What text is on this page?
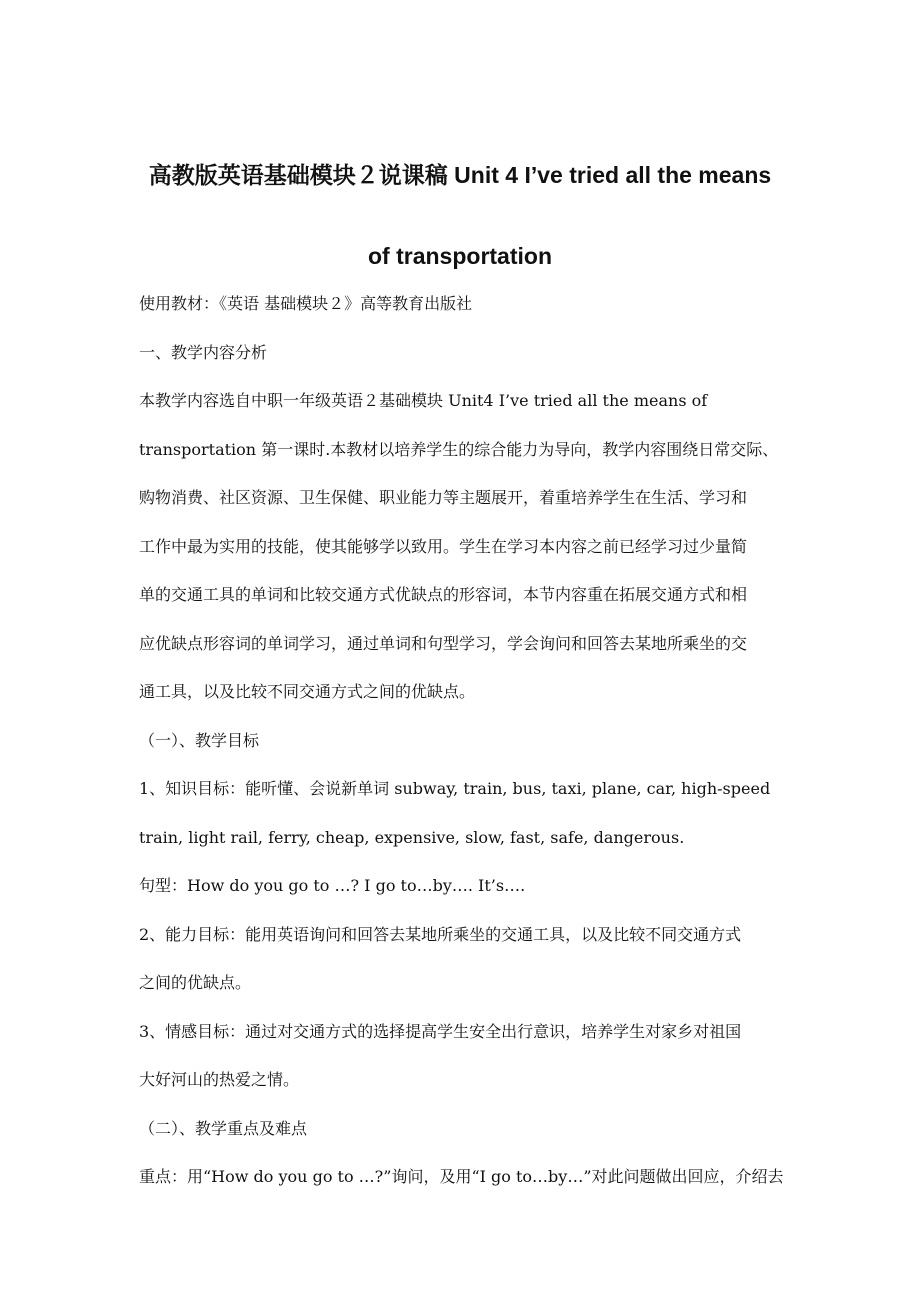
高教版英语基础模块２说课稿 Unit 4 I’ve tried all the means
of transportation

使用教材：《英语 基础模块２》高等教育出版社

一、教学内容分析

本教学内容选自中职一年级英语２基础模块 Unit4 I’ve tried all the means of

transportation 第一课时.本教材以培养学生的综合能力为导向，教学内容围绕日常交际、

购物消费、社区资源、卫生保健、职业能力等主题展开，着重培养学生在生活、学习和

工作中最为实用的技能，使其能够学以致用。学生在学习本内容之前已经学习过少量简

单的交通工具的单词和比较交通方式优缺点的形容词，本节内容重在拓展交通方式和相

应优缺点形容词的单词学习，通过单词和句型学习，学会询问和回答去某地所乘坐的交

通工具，以及比较不同交通方式之间的优缺点。

（一）、教学目标

1、知识目标：能听懂、会说新单词 subway, train, bus, taxi, plane, car, high-speed

train, light rail, ferry, cheap, expensive, slow, fast, safe, dangerous.

句型：How do you go to …? I go to…by…. It’s….

2、能力目标：能用英语询问和回答去某地所乘坐的交通工具，以及比较不同交通方式

之间的优缺点。

3、情感目标：通过对交通方式的选择提高学生安全出行意识，培养学生对家乡对祖国

大好河山的热爱之情。

（二）、教学重点及难点

重点：用“How do you go to …?”询问，及用“I go to…by…”对此问题做出回应，介绍去
